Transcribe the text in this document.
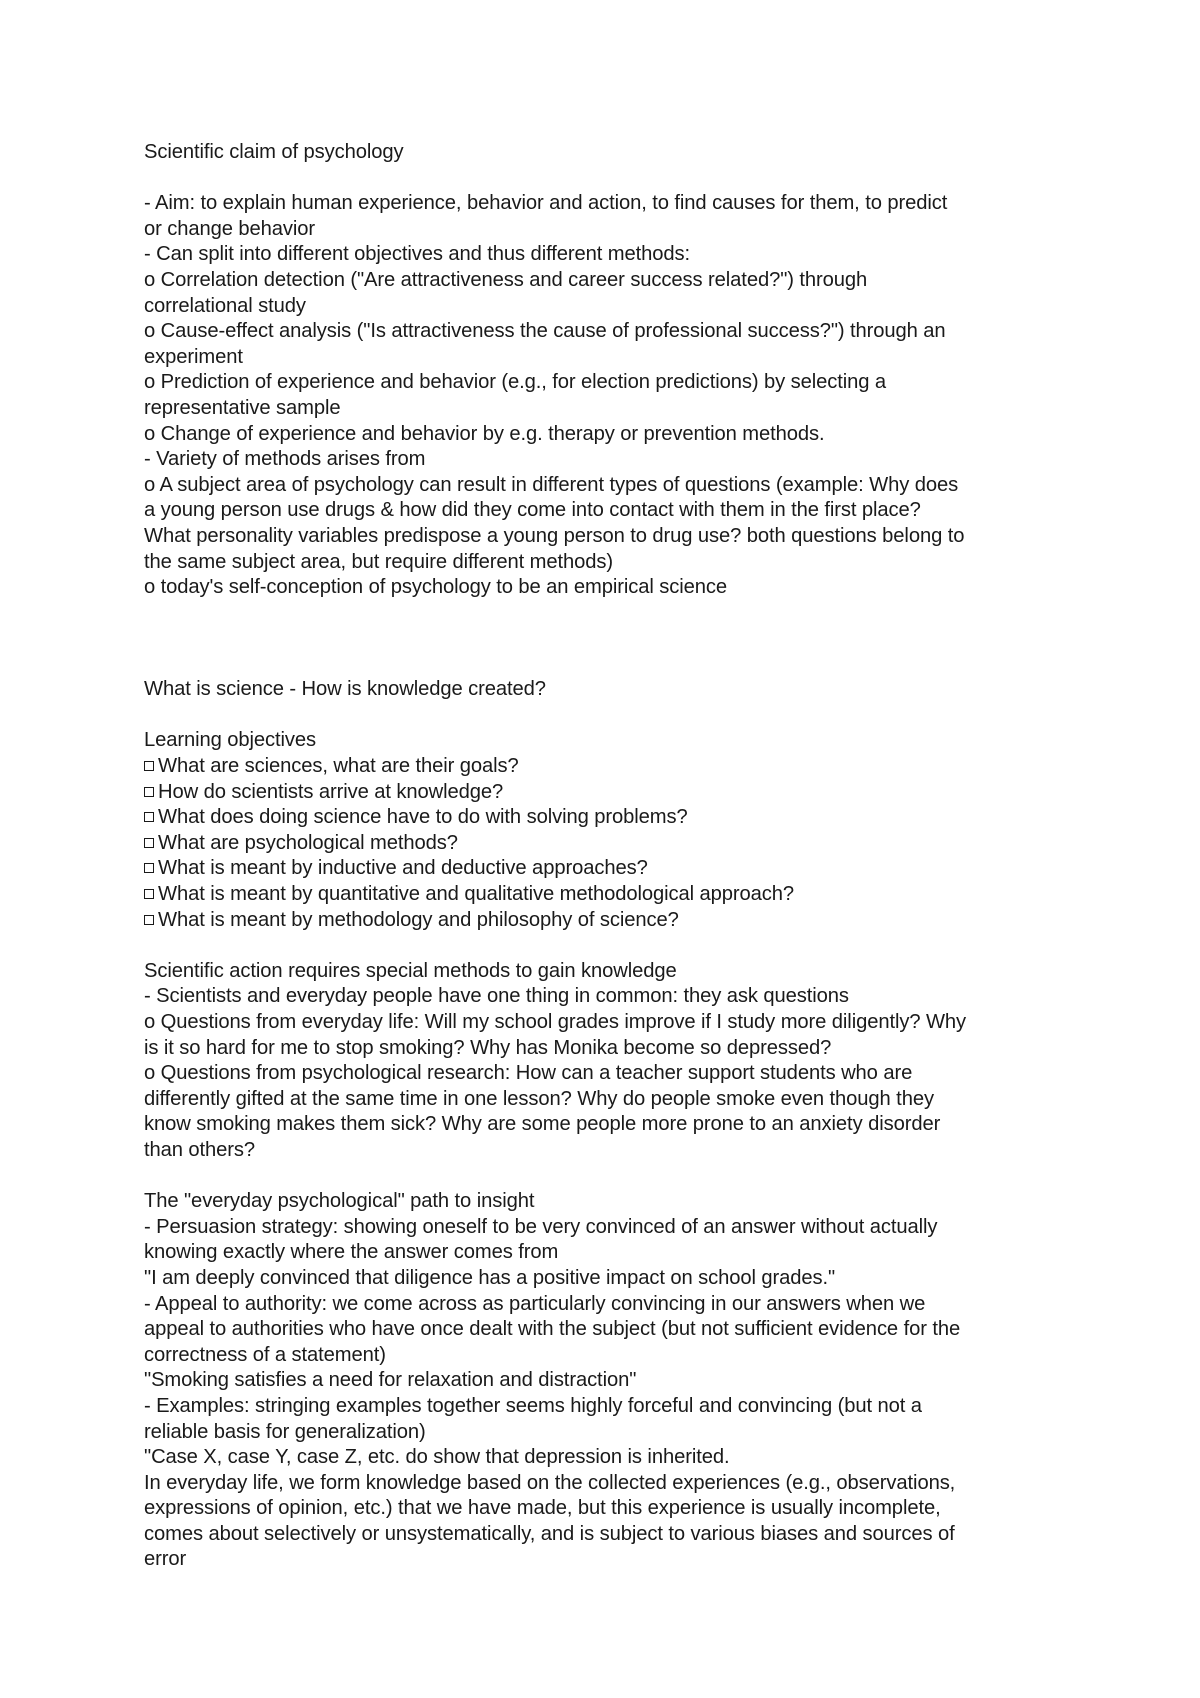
Scientific claim of psychology
- Aim: to explain human experience, behavior and action, to find causes for them, to predict
or change behavior
- Can split into different objectives and thus different methods:
o Correlation detection ("Are attractiveness and career success related?") through
correlational study
o Cause-effect analysis ("Is attractiveness the cause of professional success?") through an
experiment
o Prediction of experience and behavior (e.g., for election predictions) by selecting a
representative sample
o Change of experience and behavior by e.g. therapy or prevention methods.
- Variety of methods arises from
o A subject area of psychology can result in different types of questions (example: Why does
a young person use drugs & how did they come into contact with them in the first place?
What personality variables predispose a young person to drug use? both questions belong to
the same subject area, but require different methods)
o today's self-conception of psychology to be an empirical science
What is science - How is knowledge created?
Learning objectives
What are sciences, what are their goals?
How do scientists arrive at knowledge?
What does doing science have to do with solving problems?
What are psychological methods?
What is meant by inductive and deductive approaches?
What is meant by quantitative and qualitative methodological approach?
What is meant by methodology and philosophy of science?
Scientific action requires special methods to gain knowledge
- Scientists and everyday people have one thing in common: they ask questions
o Questions from everyday life: Will my school grades improve if I study more diligently? Why
is it so hard for me to stop smoking? Why has Monika become so depressed?
o Questions from psychological research: How can a teacher support students who are
differently gifted at the same time in one lesson? Why do people smoke even though they
know smoking makes them sick? Why are some people more prone to an anxiety disorder
than others?
The "everyday psychological" path to insight
- Persuasion strategy: showing oneself to be very convinced of an answer without actually
knowing exactly where the answer comes from
"I am deeply convinced that diligence has a positive impact on school grades."
- Appeal to authority: we come across as particularly convincing in our answers when we
appeal to authorities who have once dealt with the subject (but not sufficient evidence for the
correctness of a statement)
"Smoking satisfies a need for relaxation and distraction"
- Examples: stringing examples together seems highly forceful and convincing (but not a
reliable basis for generalization)
"Case X, case Y, case Z, etc. do show that depression is inherited.
In everyday life, we form knowledge based on the collected experiences (e.g., observations,
expressions of opinion, etc.) that we have made, but this experience is usually incomplete,
comes about selectively or unsystematically, and is subject to various biases and sources of
error
